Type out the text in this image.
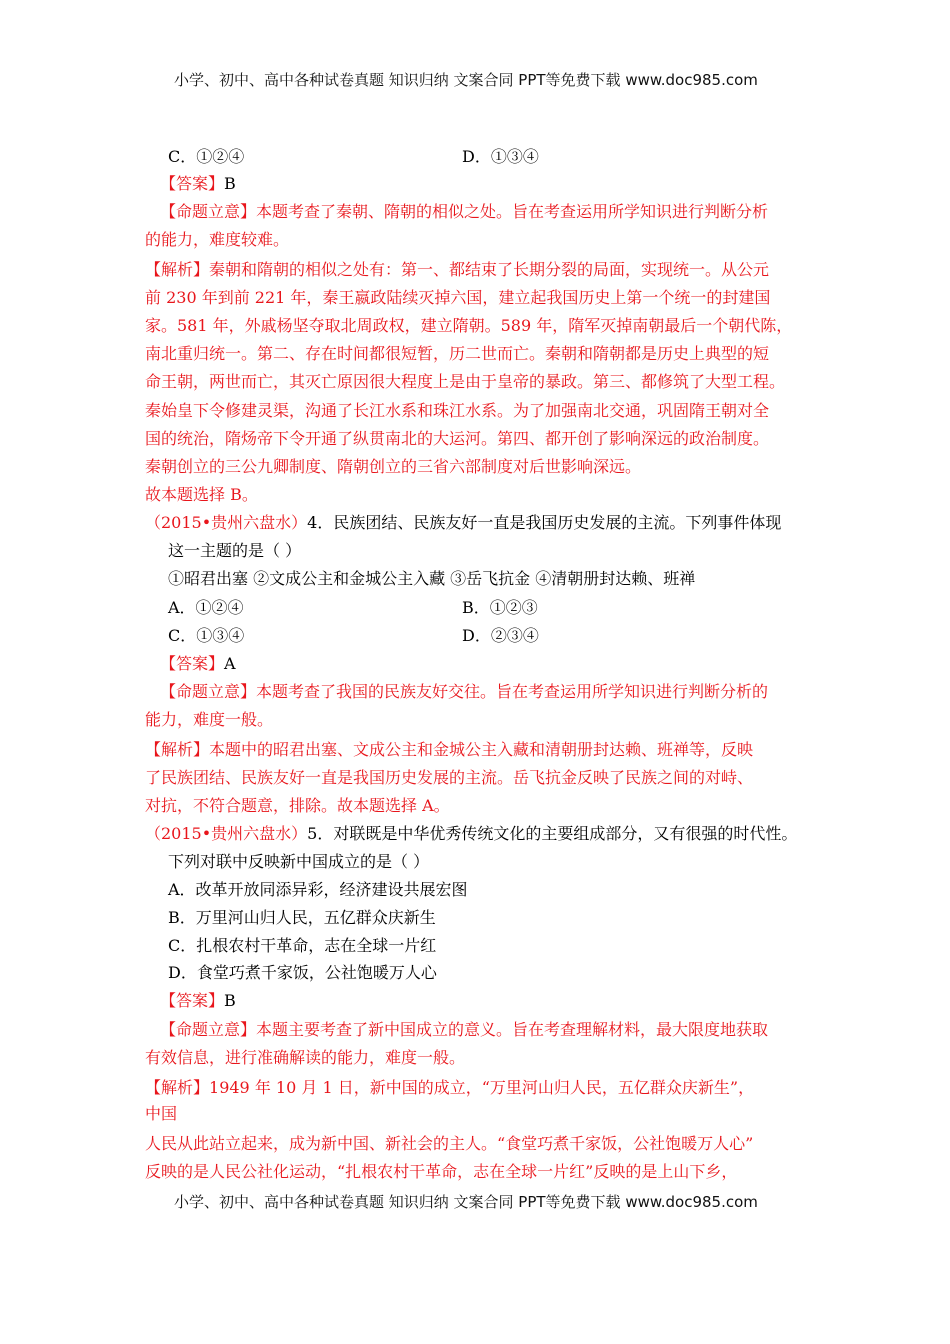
小学、初中、高中各种试卷真题 知识归纳 文案合同 PPT等免费下载 www.doc985.com
C．①②④	D．①③④
【答案】B
【命题立意】本题考查了秦朝、隋朝的相似之处。旨在考查运用所学知识进行判断分析
的能力，难度较难。
【解析】秦朝和隋朝的相似之处有：第一、都结束了长期分裂的局面，实现统一。从公元
前 230 年到前 221 年，秦王嬴政陆续灭掉六国，建立起我国历史上第一个统一的封建国
家。581 年，外戚杨坚夺取北周政权，建立隋朝。589 年，隋军灭掉南朝最后一个朝代陈，
南北重归统一。第二、存在时间都很短暂，历二世而亡。秦朝和隋朝都是历史上典型的短
命王朝，两世而亡，其灭亡原因很大程度上是由于皇帝的暴政。第三、都修筑了大型工程。
秦始皇下令修建灵渠，沟通了长江水系和珠江水系。为了加强南北交通，巩固隋王朝对全
国的统治，隋炀帝下令开通了纵贯南北的大运河。第四、都开创了影响深远的政治制度。
秦朝创立的三公九卿制度、隋朝创立的三省六部制度对后世影响深远。
故本题选择 B。
（2015•贵州六盘水）4．民族团结、民族友好一直是我国历史发展的主流。下列事件体现
这一主题的是（ ）
①昭君出塞 ②文成公主和金城公主入藏 ③岳飞抗金 ④清朝册封达赖、班禅
A．①②④	B．①②③
C．①③④	D．②③④
【答案】A
【命题立意】本题考查了我国的民族友好交往。旨在考查运用所学知识进行判断分析的
能力，难度一般。
【解析】本题中的昭君出塞、文成公主和金城公主入藏和清朝册封达赖、班禅等，反映
了民族团结、民族友好一直是我国历史发展的主流。岳飞抗金反映了民族之间的对峙、
对抗，不符合题意，排除。故本题选择 A。
（2015•贵州六盘水）5．对联既是中华优秀传统文化的主要组成部分，又有很强的时代性。
下列对联中反映新中国成立的是（ ）
A．改革开放同添异彩，经济建设共展宏图
B．万里河山归人民，五亿群众庆新生
C．扎根农村干革命，志在全球一片红
D．食堂巧煮千家饭，公社饱暖万人心
【答案】B
【命题立意】本题主要考查了新中国成立的意义。旨在考查理解材料，最大限度地获取
有效信息，进行准确解读的能力，难度一般。
【解析】1949 年 10 月 1 日，新中国的成立，“万里河山归人民，五亿群众庆新生”，
中国
人民从此站立起来，成为新中国、新社会的主人。“食堂巧煮千家饭，公社饱暖万人心”
反映的是人民公社化运动，“扎根农村干革命，志在全球一片红”反映的是上山下乡，
小学、初中、高中各种试卷真题 知识归纳 文案合同 PPT等免费下载 www.doc985.com
